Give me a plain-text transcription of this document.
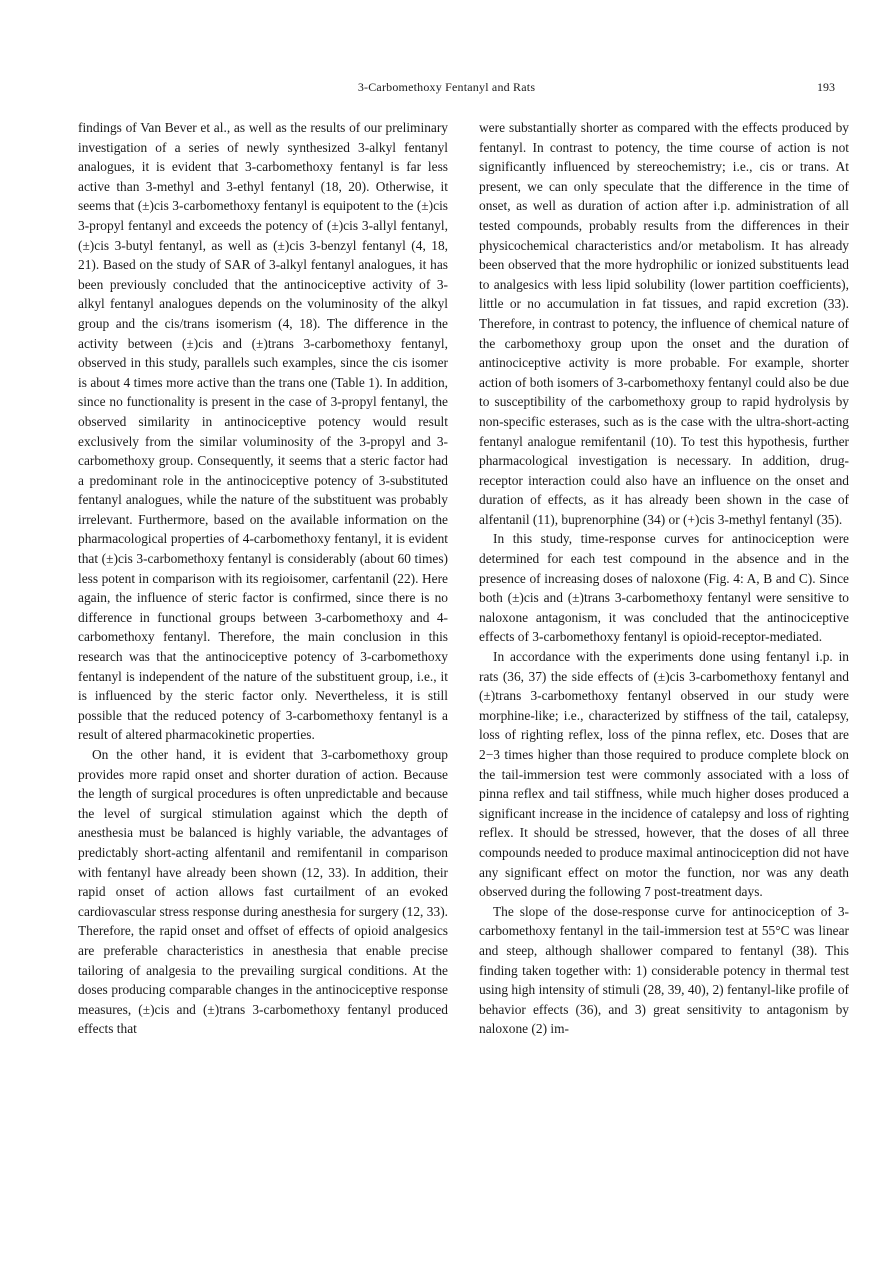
3-Carbomethoxy Fentanyl and Rats	193

findings of Van Bever et al., as well as the results of our preliminary investigation of a series of newly synthesized 3-alkyl fentanyl analogues, it is evident that 3-carbomethoxy fentanyl is far less active than 3-methyl and 3-ethyl fentanyl (18, 20). Otherwise, it seems that (±)cis 3-carbomethoxy fentanyl is equipotent to the (±)cis 3-propyl fentanyl and exceeds the potency of (±)cis 3-allyl fentanyl, (±)cis 3-butyl fentanyl, as well as (±)cis 3-benzyl fentanyl (4, 18, 21). Based on the study of SAR of 3-alkyl fentanyl analogues, it has been previously concluded that the antinociceptive activity of 3-alkyl fentanyl analogues depends on the voluminosity of the alkyl group and the cis/trans isomerism (4, 18). The difference in the activity between (±)cis and (±)trans 3-carbomethoxy fentanyl, observed in this study, parallels such examples, since the cis isomer is about 4 times more active than the trans one (Table 1). In addition, since no functionality is present in the case of 3-propyl fentanyl, the observed similarity in antinociceptive potency would result exclusively from the similar voluminosity of the 3-propyl and 3-carbomethoxy group. Consequently, it seems that a steric factor had a predominant role in the antinociceptive potency of 3-substituted fentanyl analogues, while the nature of the substituent was probably irrelevant. Furthermore, based on the available information on the pharmacological properties of 4-carbomethoxy fentanyl, it is evident that (±)cis 3-carbomethoxy fentanyl is considerably (about 60 times) less potent in comparison with its regioisomer, carfentanil (22). Here again, the influence of steric factor is confirmed, since there is no difference in functional groups between 3-carbomethoxy and 4-carbomethoxy fentanyl. Therefore, the main conclusion in this research was that the antinociceptive potency of 3-carbomethoxy fentanyl is independent of the nature of the substituent group, i.e., it is influenced by the steric factor only. Nevertheless, it is still possible that the reduced potency of 3-carbomethoxy fentanyl is a result of altered pharmacokinetic properties.

On the other hand, it is evident that 3-carbomethoxy group provides more rapid onset and shorter duration of action. Because the length of surgical procedures is often unpredictable and because the level of surgical stimulation against which the depth of anesthesia must be balanced is highly variable, the advantages of predictably short-acting alfentanil and remifentanil in comparison with fentanyl have already been shown (12, 33). In addition, their rapid onset of action allows fast curtailment of an evoked cardiovascular stress response during anesthesia for surgery (12, 33). Therefore, the rapid onset and offset of effects of opioid analgesics are preferable characteristics in anesthesia that enable precise tailoring of analgesia to the prevailing surgical conditions. At the doses producing comparable changes in the antinociceptive response measures, (±)cis and (±)trans 3-carbomethoxy fentanyl produced effects that

were substantially shorter as compared with the effects produced by fentanyl. In contrast to potency, the time course of action is not significantly influenced by stereochemistry; i.e., cis or trans. At present, we can only speculate that the difference in the time of onset, as well as duration of action after i.p. administration of all tested compounds, probably results from the differences in their physicochemical characteristics and/or metabolism. It has already been observed that the more hydrophilic or ionized substituents lead to analgesics with less lipid solubility (lower partition coefficients), little or no accumulation in fat tissues, and rapid excretion (33). Therefore, in contrast to potency, the influence of chemical nature of the carbomethoxy group upon the onset and the duration of antinociceptive activity is more probable. For example, shorter action of both isomers of 3-carbomethoxy fentanyl could also be due to susceptibility of the carbomethoxy group to rapid hydrolysis by non-specific esterases, such as is the case with the ultra-short-acting fentanyl analogue remifentanil (10). To test this hypothesis, further pharmacological investigation is necessary. In addition, drug-receptor interaction could also have an influence on the onset and duration of effects, as it has already been shown in the case of alfentanil (11), buprenorphine (34) or (+)cis 3-methyl fentanyl (35).

In this study, time-response curves for antinociception were determined for each test compound in the absence and in the presence of increasing doses of naloxone (Fig. 4: A, B and C). Since both (±)cis and (±)trans 3-carbomethoxy fentanyl were sensitive to naloxone antagonism, it was concluded that the antinociceptive effects of 3-carbomethoxy fentanyl is opioid-receptor-mediated.

In accordance with the experiments done using fentanyl i.p. in rats (36, 37) the side effects of (±)cis 3-carbomethoxy fentanyl and (±)trans 3-carbomethoxy fentanyl observed in our study were morphine-like; i.e., characterized by stiffness of the tail, catalepsy, loss of righting reflex, loss of the pinna reflex, etc. Doses that are 2−3 times higher than those required to produce complete block on the tail-immersion test were commonly associated with a loss of pinna reflex and tail stiffness, while much higher doses produced a significant increase in the incidence of catalepsy and loss of righting reflex. It should be stressed, however, that the doses of all three compounds needed to produce maximal antinociception did not have any significant effect on motor the function, nor was any death observed during the following 7 post-treatment days.

The slope of the dose-response curve for antinociception of 3-carbomethoxy fentanyl in the tail-immersion test at 55°C was linear and steep, although shallower compared to fentanyl (38). This finding taken together with: 1) considerable potency in thermal test using high intensity of stimuli (28, 39, 40), 2) fentanyl-like profile of behavior effects (36), and 3) great sensitivity to antagonism by naloxone (2) im-
